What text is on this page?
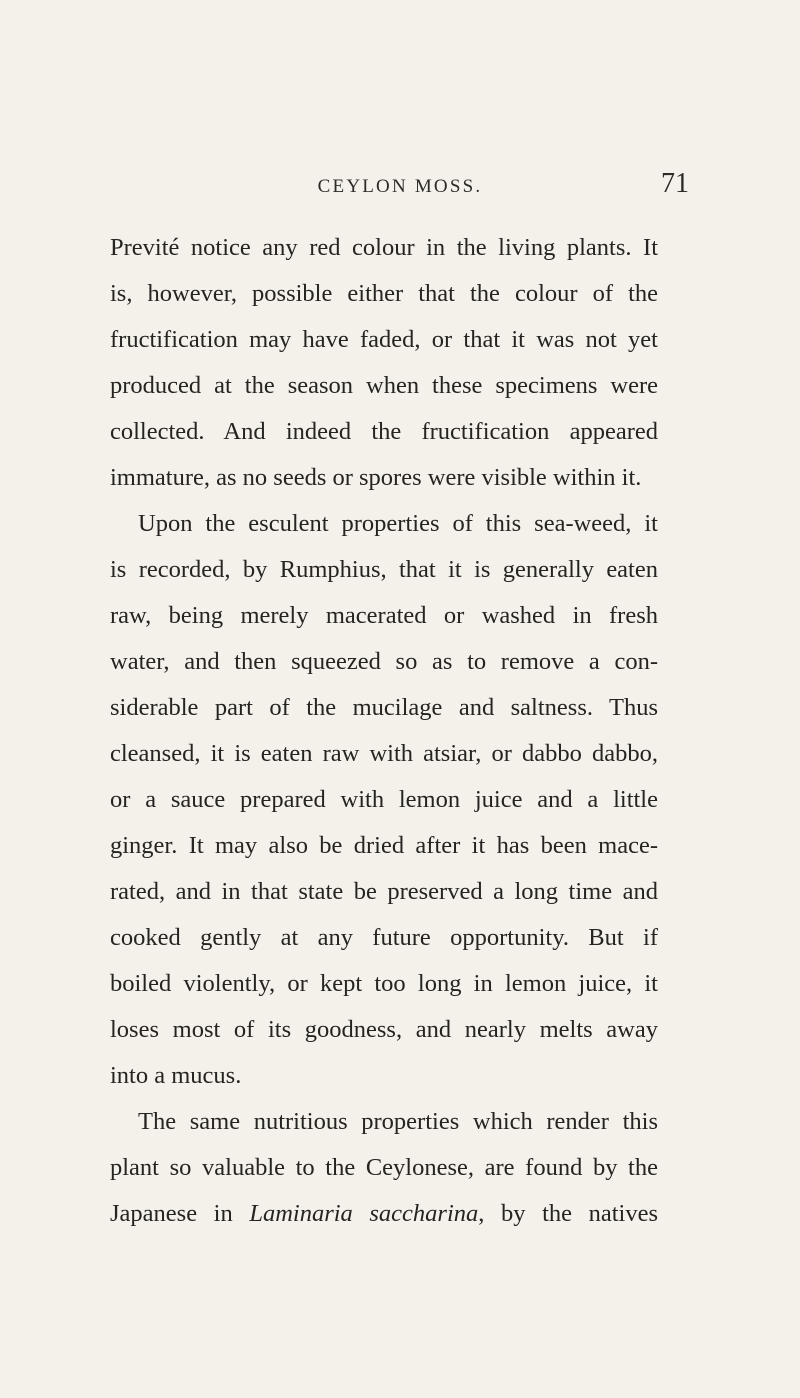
CEYLON MOSS.	71
Previté notice any red colour in the living plants. It
is, however, possible either that the colour of the
fructification may have faded, or that it was not yet
produced at the season when these specimens were
collected. And indeed the fructification appeared
immature, as no seeds or spores were visible within it.
Upon the esculent properties of this sea-weed, it
is recorded, by Rumphius, that it is generally eaten
raw, being merely macerated or washed in fresh
water, and then squeezed so as to remove a con-
siderable part of the mucilage and saltness. Thus
cleansed, it is eaten raw with atsiar, or dabbo dabbo,
or a sauce prepared with lemon juice and a little
ginger. It may also be dried after it has been mace-
rated, and in that state be preserved a long time and
cooked gently at any future opportunity. But if
boiled violently, or kept too long in lemon juice, it
loses most of its goodness, and nearly melts away
into a mucus.
The same nutritious properties which render this
plant so valuable to the Ceylonese, are found by the
Japanese in Laminaria saccharina, by the natives
